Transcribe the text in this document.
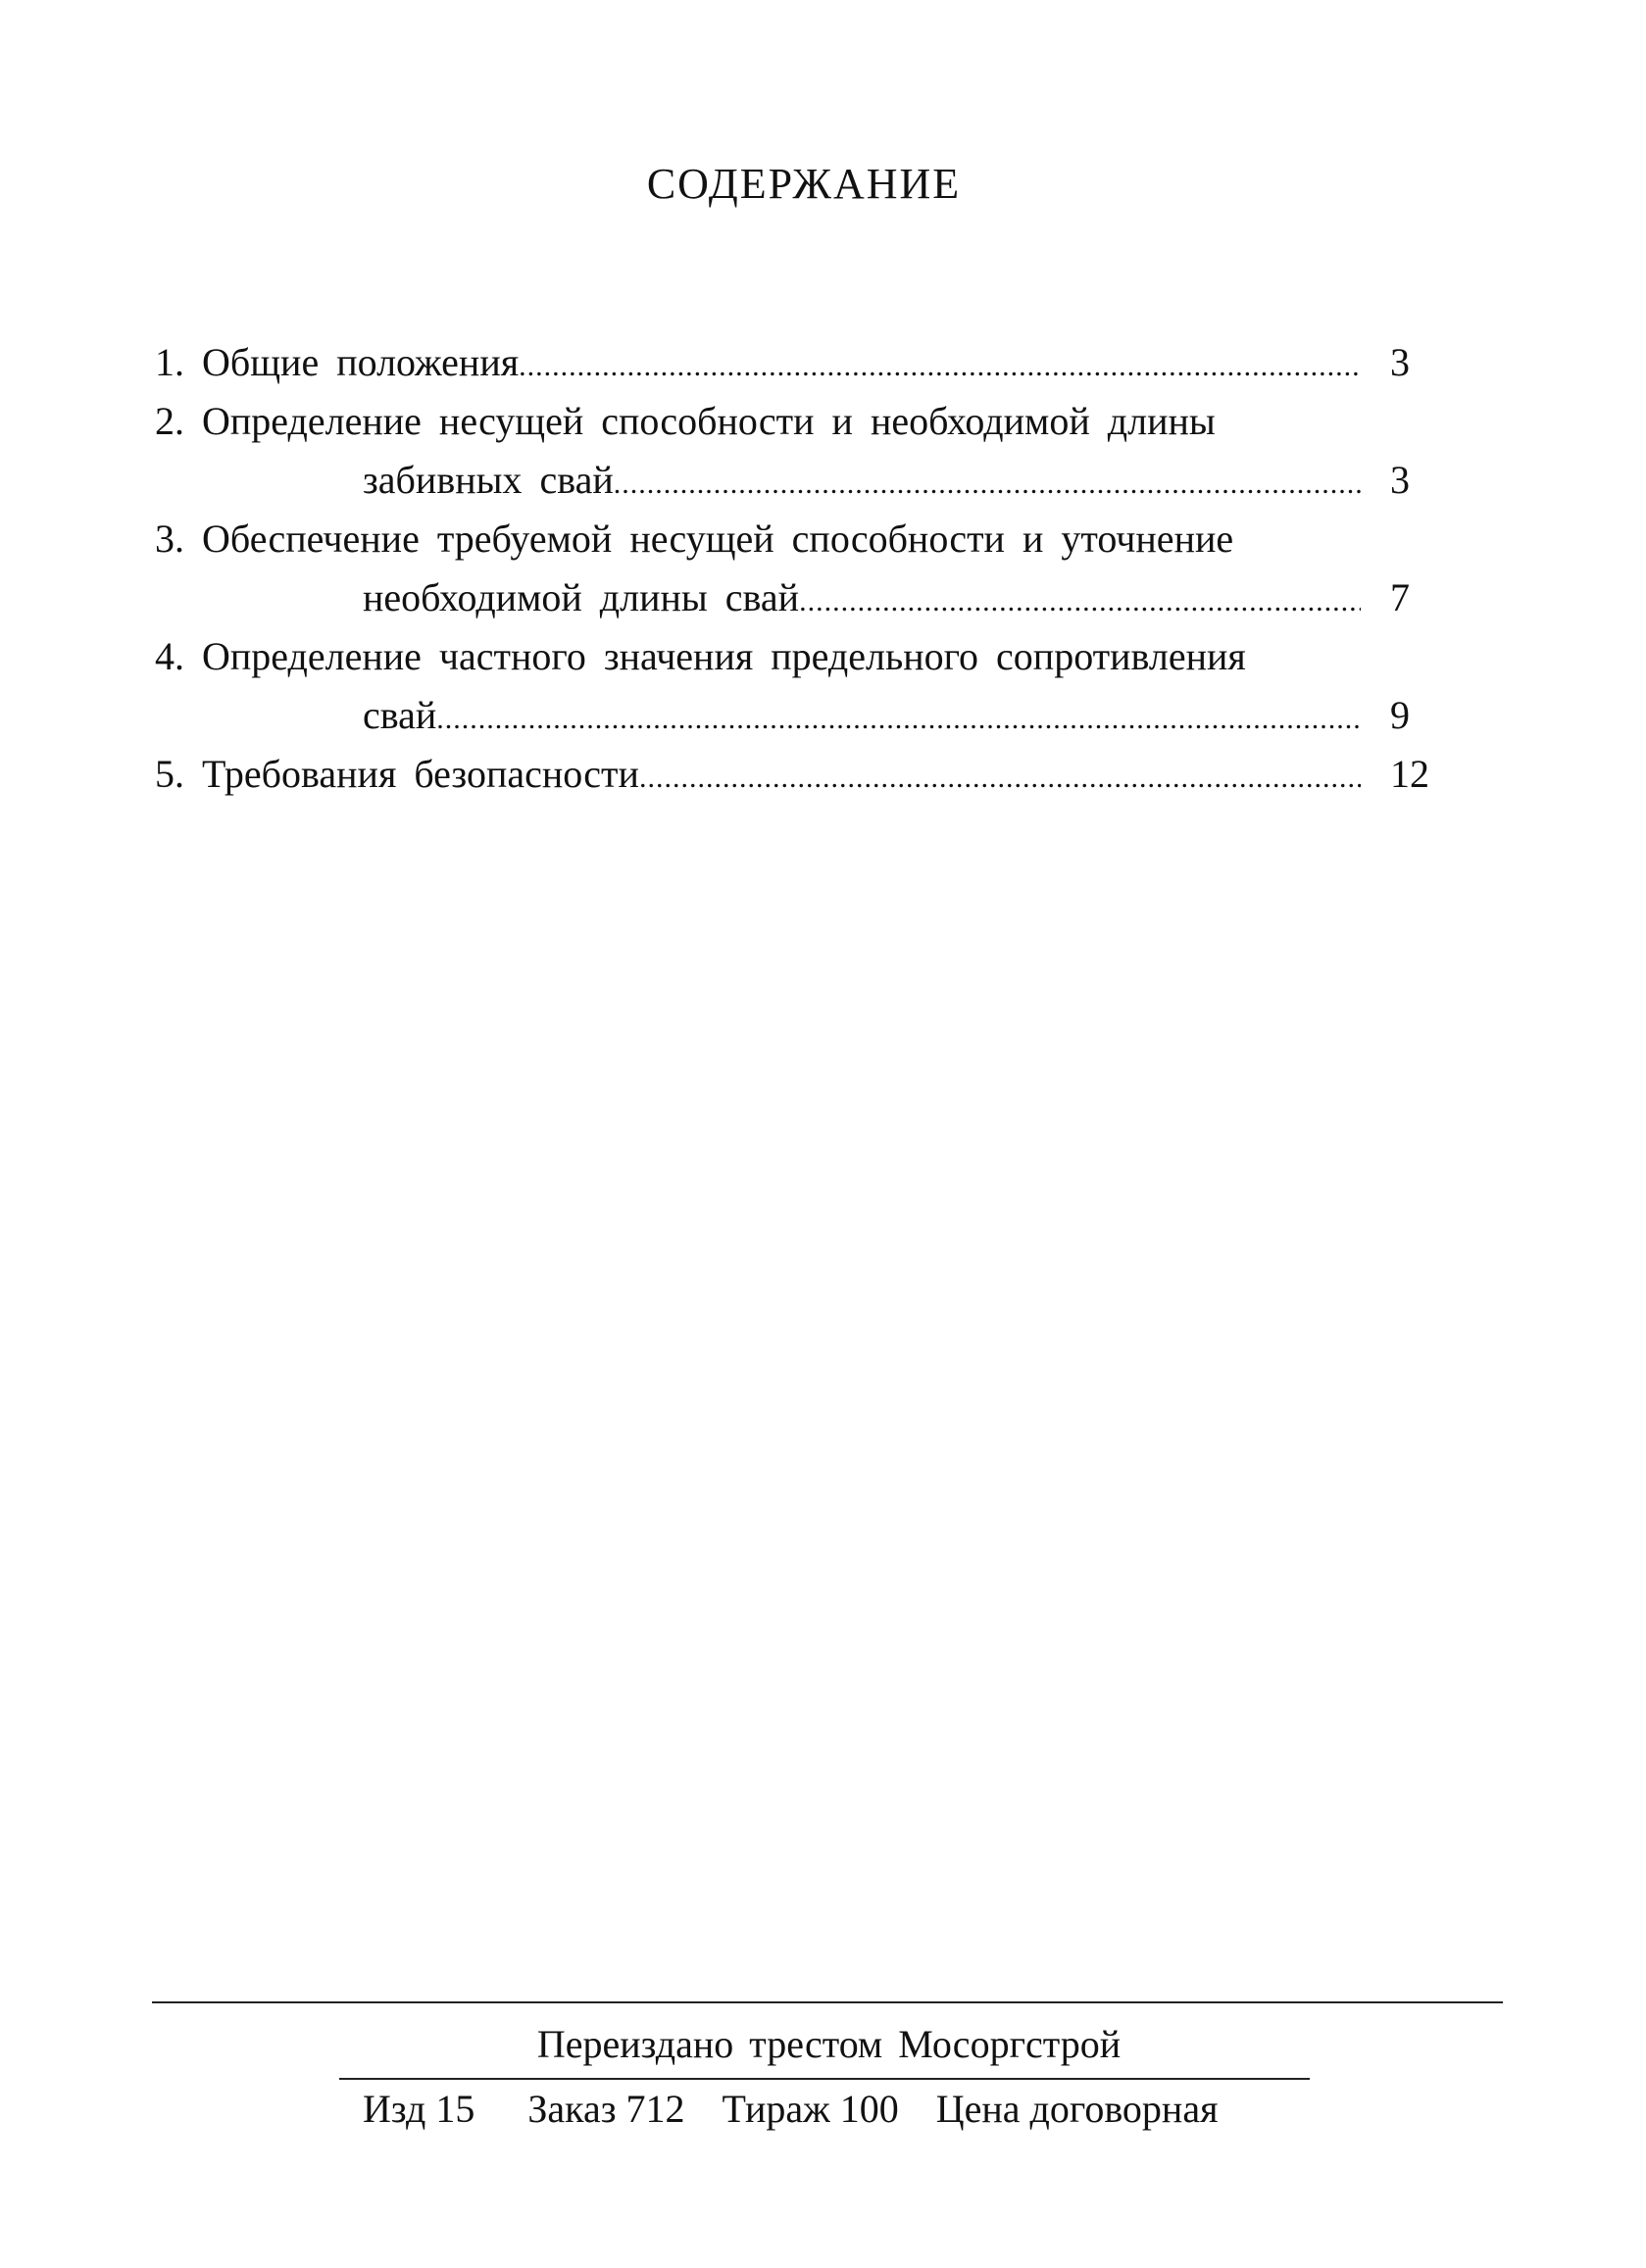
СОДЕРЖАНИЕ
1. Общие положения .....	3
2. Определение несущей способности и необходимой длины
забивных свай .....	3
3. Обеспечение требуемой несущей способности и уточнение
необходимой длины свай .....	7
4. Определение частного значения предельного сопротивления
свай .....	9
5. Требования безопасности .....	12
Переиздано трестом Мосоргстрой
Изд 15 Заказ 712 Тираж 100 Цена договорная
